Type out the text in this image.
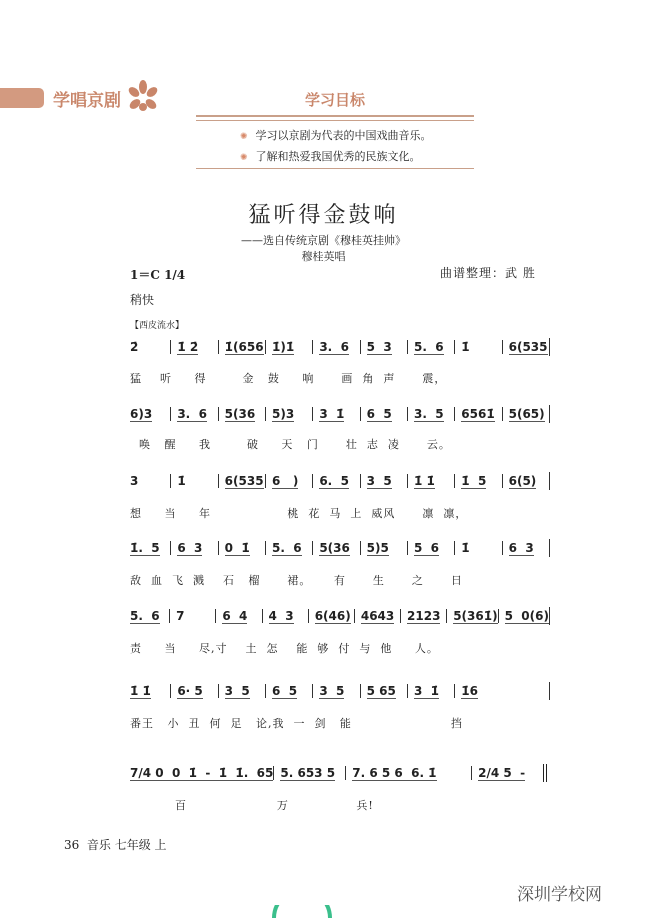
学唱京剧	学习目标
✺ 学习以京剧为代表的中国戏曲音乐。
✺ 了解和热爱我国优秀的民族文化。
猛听得金鼓响
——选自传统京剧《穆桂英挂帅》
穆桂英唱
1＝C 1/4	曲谱整理：武 胜
稍快
【西皮流水】
2̇	1̇ 2̇	1̇(656 1̇)1̇	3.  6	5  3	5.  6	1̇	6(535
猛    听     得        金   鼓     响      画  角  声      震，
6)3	3.  6	5(36	5)3	3  1̇	6  5	3.  5	6561̇	5(65)
唤   醒     我        破     天   门      壮  志  凌      云。
3	1̇	6(535 6   )	6.  5	3  5	1̇ 1̇	1̇  5	6(5)
想     当     年                 桃  花  马  上  威风      凛  凛，
1̇.  5	6  3	0  1̇	5.  6	5(36	5)5	5  6	1̇	6  3
敌  血  飞  溅    石   榴      裙。     有      生      之      日
5.  6	7	6  4	4  3	6(46) 4643	2123	5(361̇) 5  0(6)
责     当     尽,寸    土  怎    能  够  付  与  他     人。
1̇ 1̇	6· 5	3  5	6  5	3  5	5 65	3  1̇	1̇6
番王   小  丑  何  足   论,我  一  剑   能                      挡
7/4 0  0  1̇  -  1̇  1̇.  65 5. 653 5	7. 6 5 6  6. 1̇	2/4 5  -
百                    万               兵!
36 音乐 七年级 上
深圳学校网
